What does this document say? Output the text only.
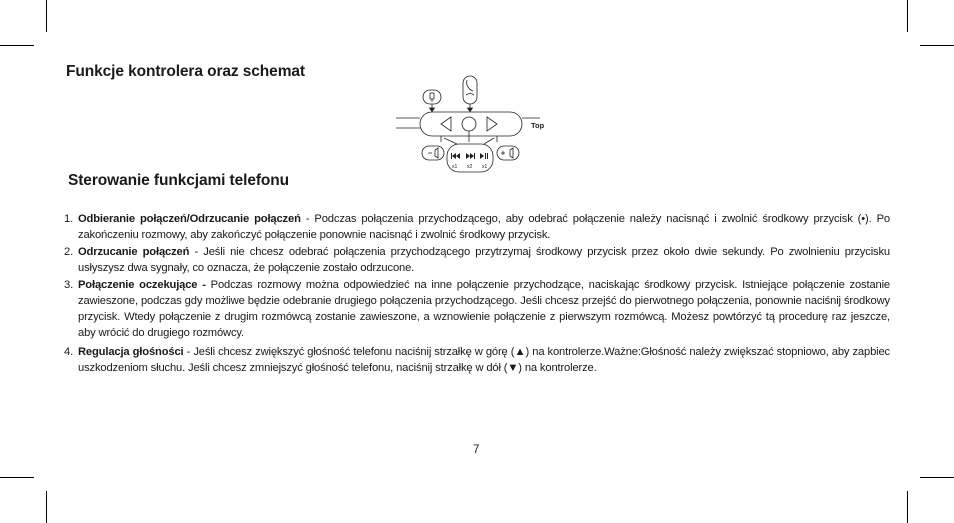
Funkcje kontrolera oraz schemat
x1 x2 x1
Top
Sterowanie funkcjami telefonu
1. Odbieranie połączeń/Odrzucanie połączeń - Podczas połączenia przychodzącego, aby odebrać połączenie należy nacisnąć i zwolnić środkowy przycisk (•). Po zakończeniu rozmowy, aby zakończyć połączenie ponownie nacisnąć i zwolnić środkowy przycisk.
2. Odrzucanie połączeń - Jeśli nie chcesz odebrać połączenia przychodzącego przytrzymaj środkowy przycisk przez około dwie sekundy. Po zwolnieniu przycisku usłyszysz dwa sygnały, co oznacza, że połączenie zostało odrzucone.
3. Połączenie oczekujące - Podczas rozmowy można odpowiedzieć na inne połączenie przychodzące, naciskając środkowy przycisk. Istniejące połączenie zostanie zawieszone, podczas gdy możliwe będzie odebranie drugiego połączenia przychodzącego. Jeśli chcesz przejść do pierwotnego połączenia, ponownie naciśnij środkowy przycisk. Wtedy połączenie z drugim rozmówcą zostanie zawieszone, a wznowienie połączenie z pierwszym rozmówcą. Możesz powtórzyć tą procedurę raz jeszcze, aby wrócić do drugiego rozmówcy.
4. Regulacja głośności - Jeśli chcesz zwiększyć głośność telefonu naciśnij strzałkę w górę (▲) na kontrolerze.Ważne:Głośność należy zwiększać stopniowo, aby zapbiec uszkodzeniom słuchu. Jeśli chcesz zmniejszyć głośność telefonu, naciśnij strzałkę w dół (▼) na kontrolerze.
7
